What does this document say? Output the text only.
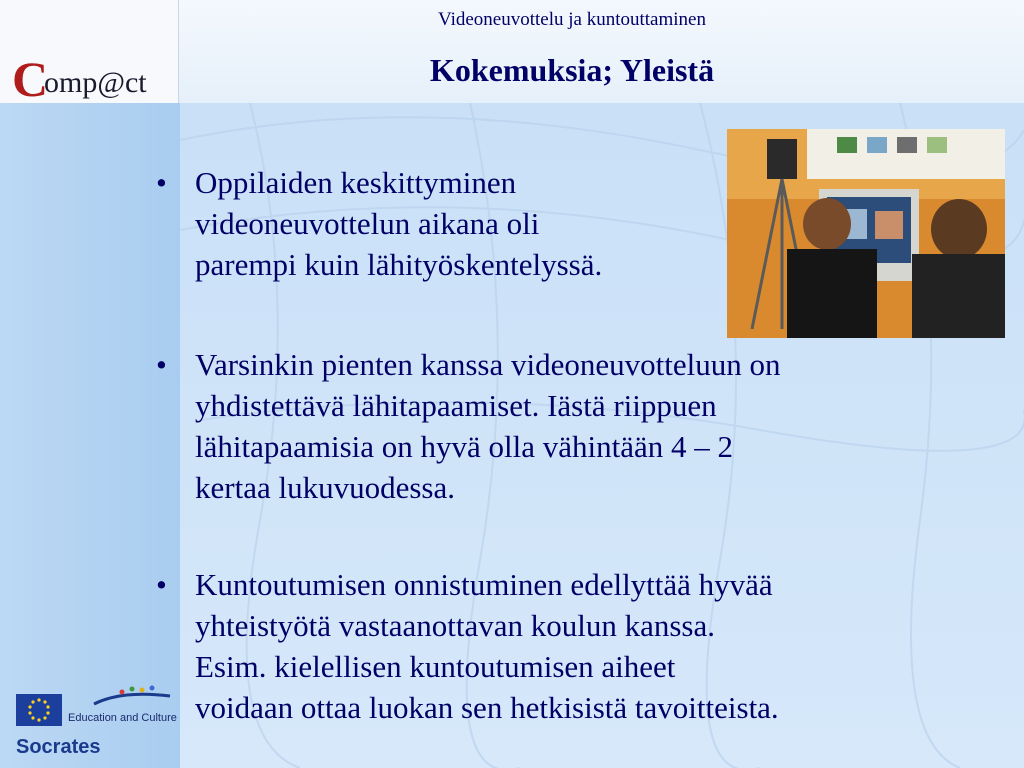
C
omp@ct
Videoneuvottelu ja kuntouttaminen
Kokemuksia; Yleistä
• Oppilaiden keskittyminen
videoneuvottelun aikana oli
parempi kuin lähityöskentelyssä.
• Varsinkin pienten kanssa videoneuvotteluun on
yhdistettävä lähitapaamiset. Iästä riippuen
lähitapaamisia on hyvä olla vähintään 4 – 2
kertaa lukuvuodessa.
• Kuntoutumisen onnistuminen edellyttää hyvää
yhteistyötä vastaanottavan koulun kanssa.
Esim. kielellisen kuntoutumisen aiheet
voidaan ottaa luokan sen hetkisistä tavoitteista.
Education and Culture
Socrates
